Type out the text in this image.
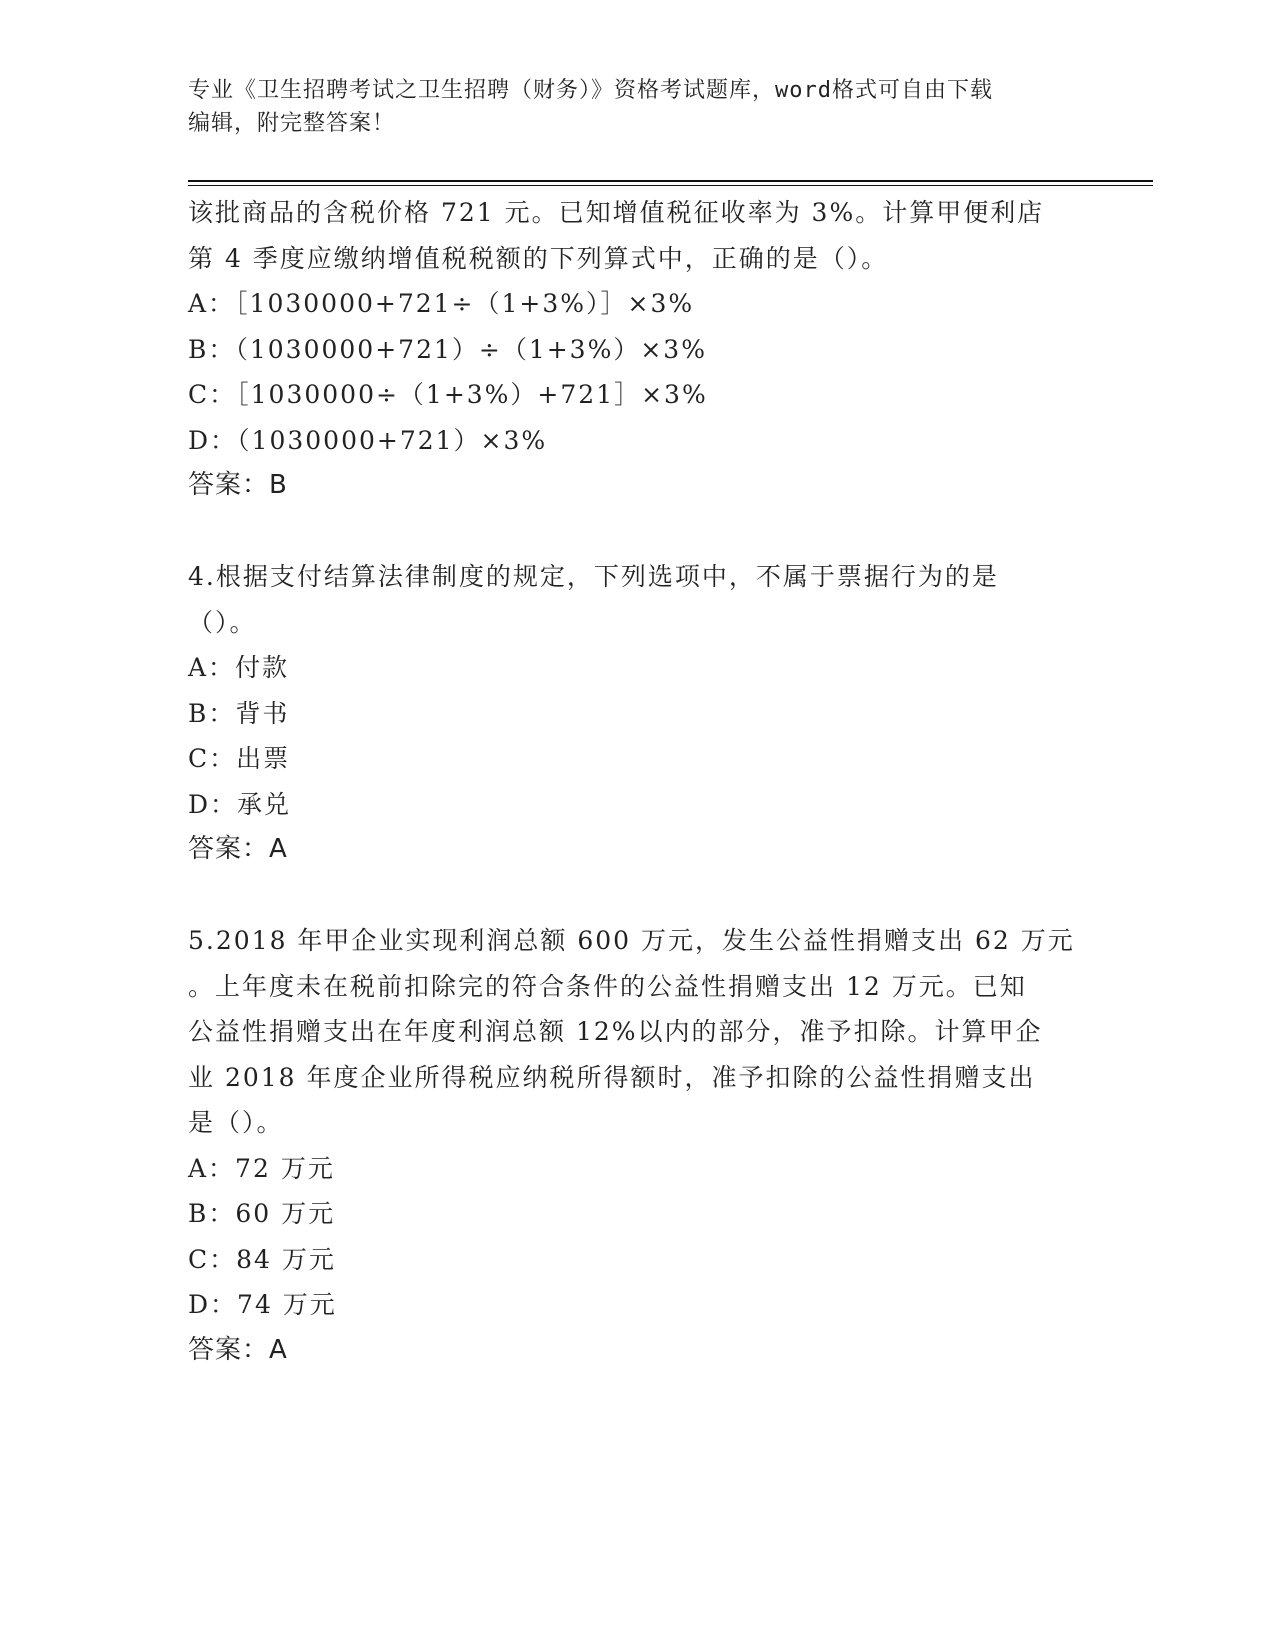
专业《卫生招聘考试之卫生招聘（财务）》资格考试题库，word格式可自由下载
编辑，附完整答案！
该批商品的含税价格 721 元。已知增值税征收率为 3%。计算甲便利店
第 4 季度应缴纳增值税税额的下列算式中，正确的是（）。
A：［1030000+721÷（1+3%）］×3%
B：（1030000+721）÷（1+3%）×3%
C：［1030000÷（1+3%）+721］×3%
D：（1030000+721）×3%
答案：B
4.根据支付结算法律制度的规定，下列选项中，不属于票据行为的是
（）。
A：付款
B：背书
C：出票
D：承兑
答案：A
5.2018 年甲企业实现利润总额 600 万元，发生公益性捐赠支出 62 万元
。上年度未在税前扣除完的符合条件的公益性捐赠支出 12 万元。已知
公益性捐赠支出在年度利润总额 12%以内的部分，准予扣除。计算甲企
业 2018 年度企业所得税应纳税所得额时，准予扣除的公益性捐赠支出
是（）。
A：72 万元
B：60 万元
C：84 万元
D：74 万元
答案：A
